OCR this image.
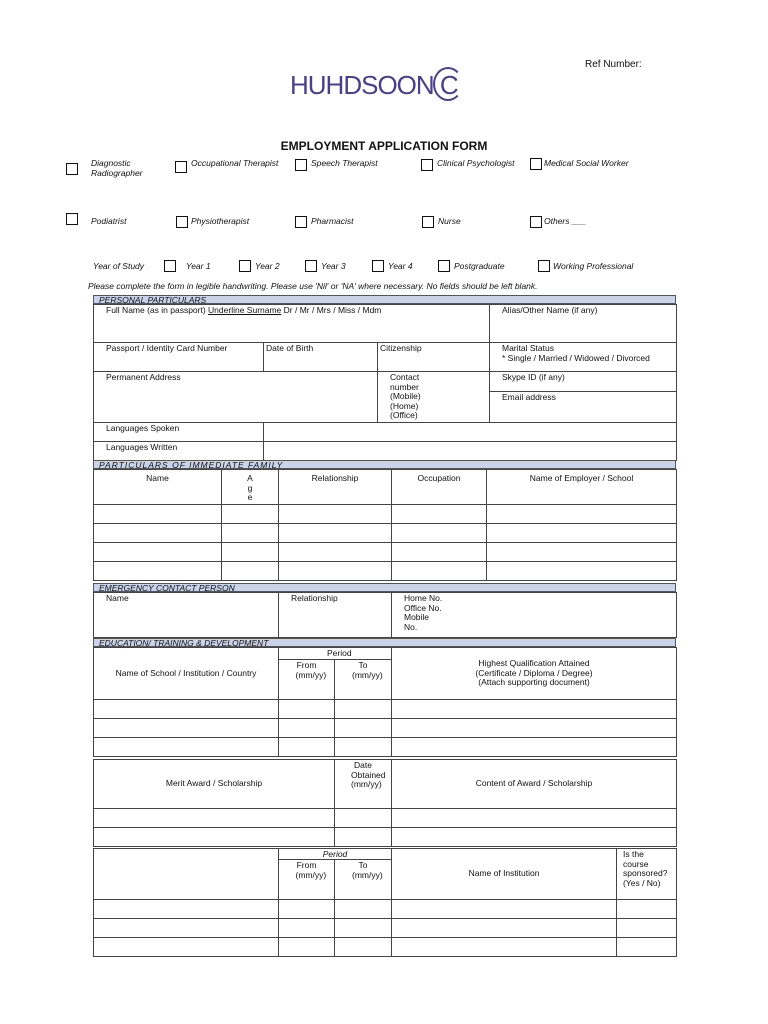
Ref Number:
HUHDSOON C
EMPLOYMENT APPLICATION FORM
Diagnostic Radiographer
Occupational Therapist	Speech Therapist	Clinical Psychologist	Medical Social Worker
Podiatrist	Physiotherapist	Pharmacist	Nurse	Others ___
Year of Study	Year 1	Year 2	Year 3	Year 4	Postgraduate	Working Professional
Please complete the form in legible handwriting. Please use 'Nil' or 'NA' where necessary. No fields should be left blank.
PERSONAL PARTICULARS
Full Name (as in passport) Underline Surname Dr / Mr / Mrs / Miss / Mdm			Alias/Other Name (if any)
Passport / Identity Card Number	Date of Birth	Citizenship	Marital Status
* Single / Married / Widowed / Divorced

Permanent Address		Contact number (Mobile) (Home) (Office)	Skype ID (if any)
			Email address
Languages Spoken			
Languages Written			
PARTICULARS OF IMMEDIATE FAMILY
Name	Age	Relationship	Occupation	Name of Employer / School

EMERGENCY CONTACT PERSON
Name	Relationship	Home No. Office No. Mobile No.
EDUCATION/ TRAINING & DEVELOPMENT
Name of School / Institution / Country	Period		Highest Qualification Attained (Certificate / Diploma / Degree) (Attach supporting document)

	From (mm/yy)	To (mm/yy)	

Merit Award / Scholarship	Date Obtained (mm/yy)	Content of Award / Scholarship

	Period		Name of Institution	Is the course sponsored? (Yes / No)

	From (mm/yy)	To (mm/yy)		
